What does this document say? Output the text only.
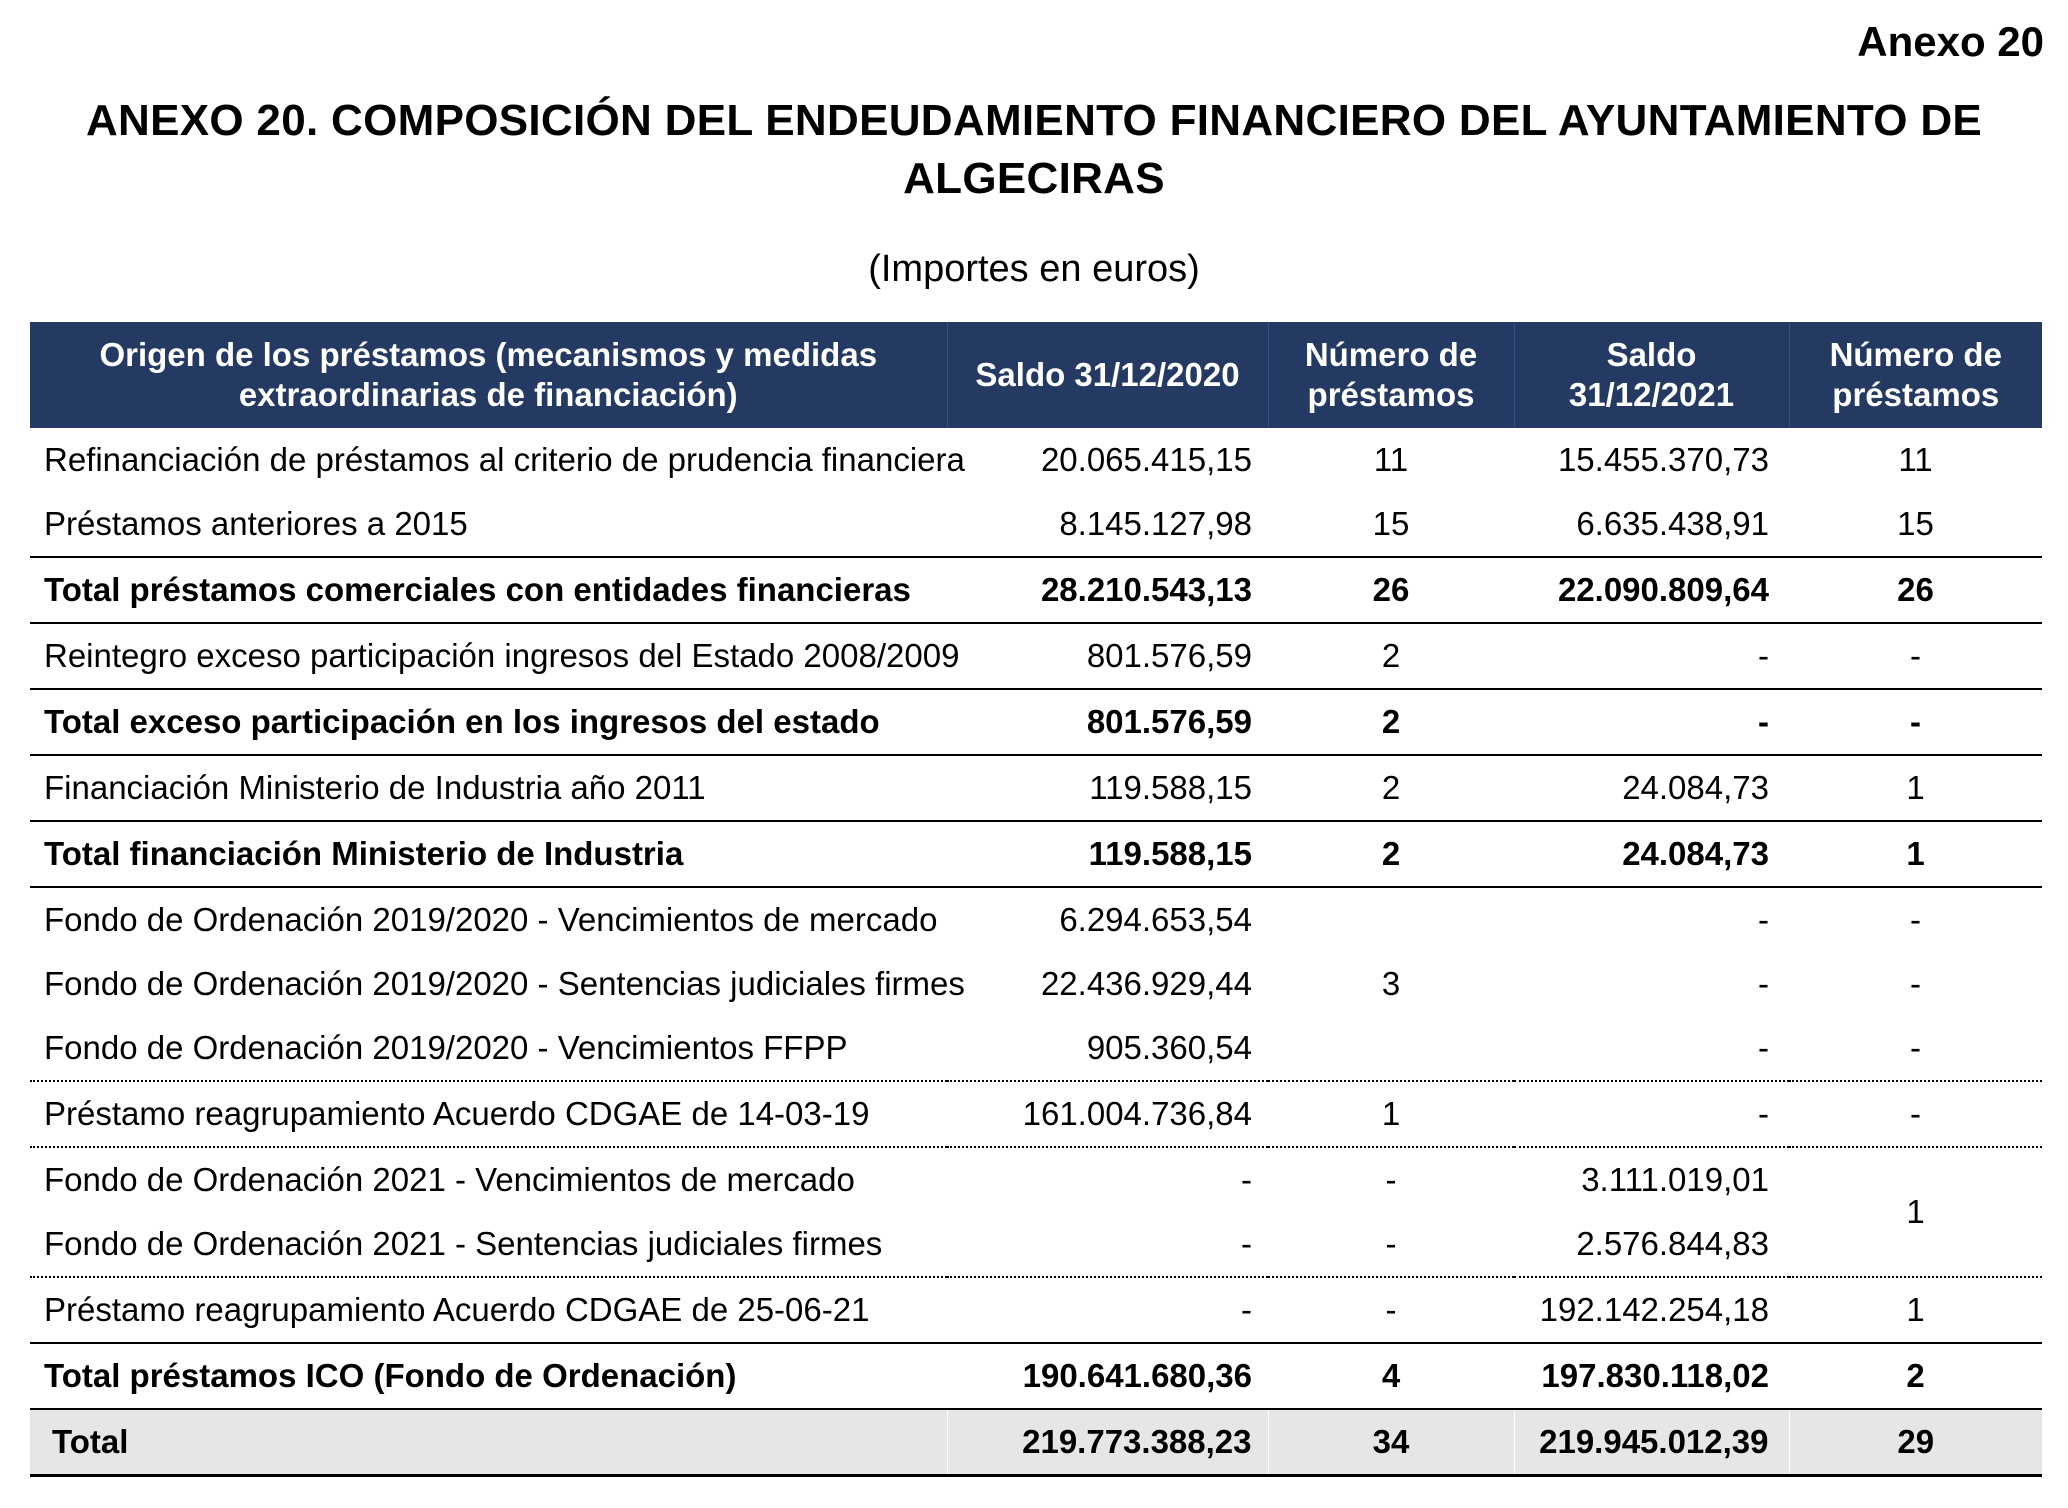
Anexo 20
ANEXO 20. COMPOSICIÓN DEL ENDEUDAMIENTO FINANCIERO DEL AYUNTAMIENTO DE ALGECIRAS
(Importes en euros)
Origen de los préstamos (mecanismos y medidas extraordinarias de financiación)	Saldo 31/12/2020	Número de préstamos	Saldo 31/12/2021	Número de préstamos
Refinanciación de préstamos al criterio de prudencia financiera	20.065.415,15	11	15.455.370,73	11
Préstamos anteriores a 2015	8.145.127,98	15	6.635.438,91	15
Total préstamos comerciales con entidades financieras	28.210.543,13	26	22.090.809,64	26
Reintegro exceso participación ingresos del Estado 2008/2009	801.576,59	2	-	-
Total exceso participación en los ingresos del estado	801.576,59	2	-	-
Financiación Ministerio de Industria año 2011	119.588,15	2	24.084,73	1
Total financiación Ministerio de Industria	119.588,15	2	24.084,73	1
Fondo de Ordenación 2019/2020 - Vencimientos de mercado	6.294.653,54	3	-	-
Fondo de Ordenación 2019/2020 - Sentencias judiciales firmes	22.436.929,44		-	-
Fondo de Ordenación 2019/2020 - Vencimientos FFPP	905.360,54		-	-
Préstamo reagrupamiento Acuerdo CDGAE de 14-03-19	161.004.736,84	1	-	-
Fondo de Ordenación 2021 - Vencimientos de mercado	-	-	3.111.019,01	1
Fondo de Ordenación 2021 - Sentencias judiciales firmes	-	-	2.576.844,83	
Préstamo reagrupamiento Acuerdo CDGAE de 25-06-21	-	-	192.142.254,18	1
Total préstamos ICO (Fondo de Ordenación)	190.641.680,36	4	197.830.118,02	2
Total	219.773.388,23	34	219.945.012,39	29
